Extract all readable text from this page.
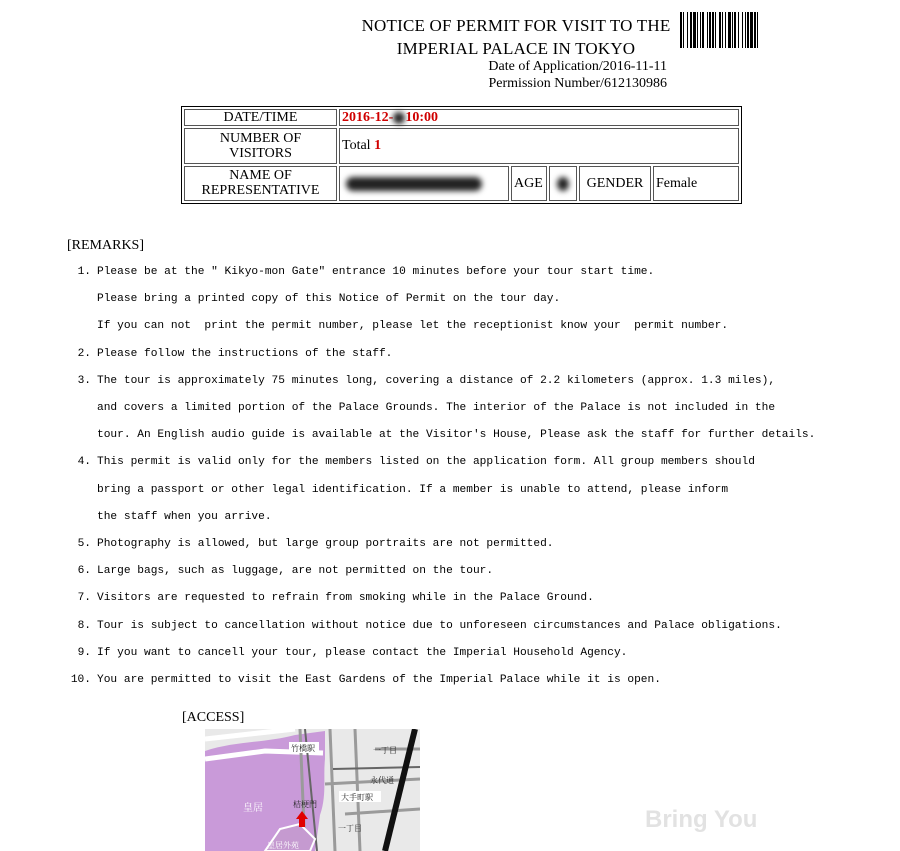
NOTICE OF PERMIT FOR VISIT TO THE
IMPERIAL PALACE IN TOKYO
Date of Application/2016-11-11
Permission Number/612130986
DATE/TIME	2016-12- 10:00				

NUMBER OF
VISITORS	Total 1				

NAME OF
REPRESENTATIVE		AGE		GENDER	Female
[REMARKS]
1. Please be at the " Kikyo-mon Gate" entrance 10 minutes before your tour start time.
Please bring a printed copy of this Notice of Permit on the tour day.
If you can not  print the permit number, please let the receptionist know your  permit number.
2. Please follow the instructions of the staff.
3. The tour is approximately 75 minutes long, covering a distance of 2.2 kilometers (approx. 1.3 miles),
and covers a limited portion of the Palace Grounds. The interior of the Palace is not included in the
tour. An English audio guide is available at the Visitor's House, Please ask the staff for further details.
4. This permit is valid only for the members listed on the application form. All group members should
bring a passport or other legal identification. If a member is unable to attend, please inform
the staff when you arrive.
5. Photography is allowed, but large group portraits are not permitted.
6. Large bags, such as luggage, are not permitted on the tour.
7. Visitors are requested to refrain from smoking while in the Palace Ground.
8. Tour is subject to cancellation without notice due to unforeseen circumstances and Palace obligations.
9. If you want to cancell your tour, please contact the Imperial Household Agency.
10. You are permitted to visit the East Gardens of the Imperial Palace while it is open.
[ACCESS]
竹橋駅	一丁目
永代通
大手町駅
皇居	桔梗門
皇居外苑
一丁目	Bring You
